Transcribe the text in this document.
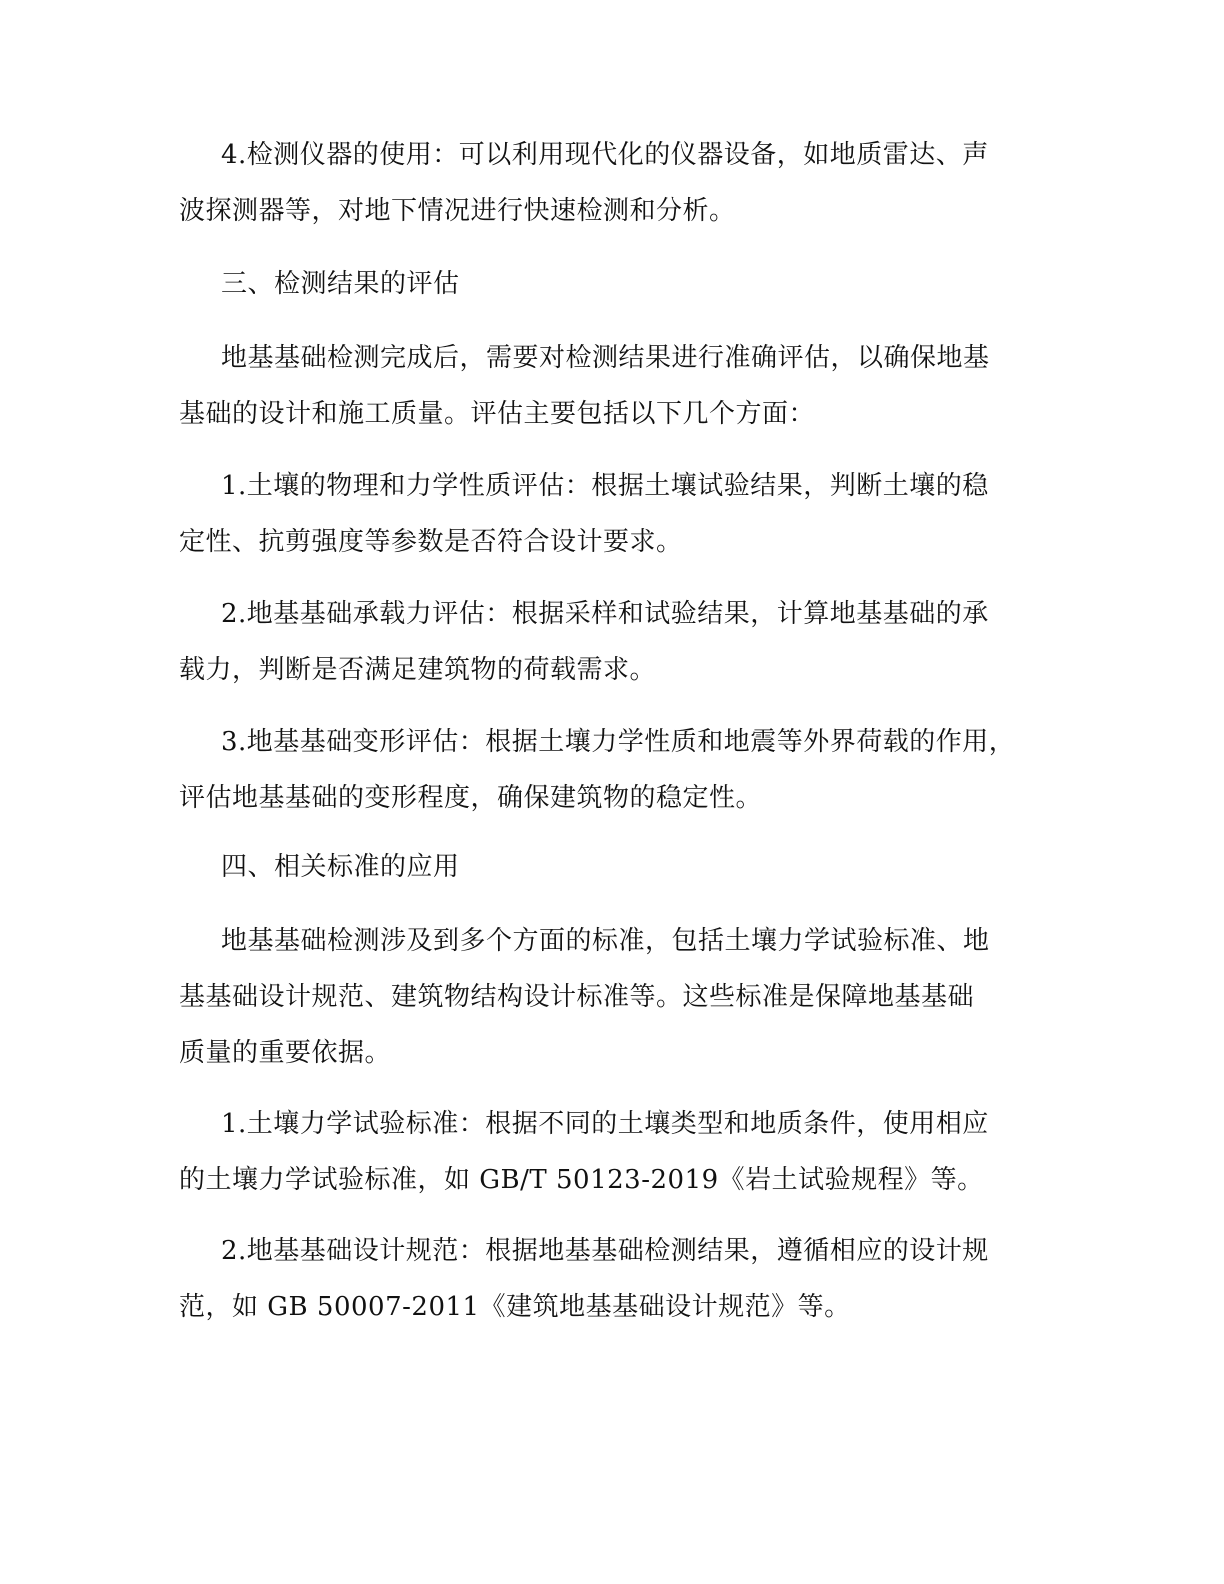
4.检测仪器的使用：可以利用现代化的仪器设备，如地质雷达、声
波探测器等，对地下情况进行快速检测和分析。
三、检测结果的评估
地基基础检测完成后，需要对检测结果进行准确评估，以确保地基
基础的设计和施工质量。评估主要包括以下几个方面：
1.土壤的物理和力学性质评估：根据土壤试验结果，判断土壤的稳
定性、抗剪强度等参数是否符合设计要求。
2.地基基础承载力评估：根据采样和试验结果，计算地基基础的承
载力，判断是否满足建筑物的荷载需求。
3.地基基础变形评估：根据土壤力学性质和地震等外界荷载的作用，
评估地基基础的变形程度，确保建筑物的稳定性。
四、相关标准的应用
地基基础检测涉及到多个方面的标准，包括土壤力学试验标准、地
基基础设计规范、建筑物结构设计标准等。这些标准是保障地基基础
质量的重要依据。
1.土壤力学试验标准：根据不同的土壤类型和地质条件，使用相应
的土壤力学试验标准，如 GB/T 50123-2019《岩土试验规程》等。
2.地基基础设计规范：根据地基基础检测结果，遵循相应的设计规
范，如 GB 50007-2011《建筑地基基础设计规范》等。
